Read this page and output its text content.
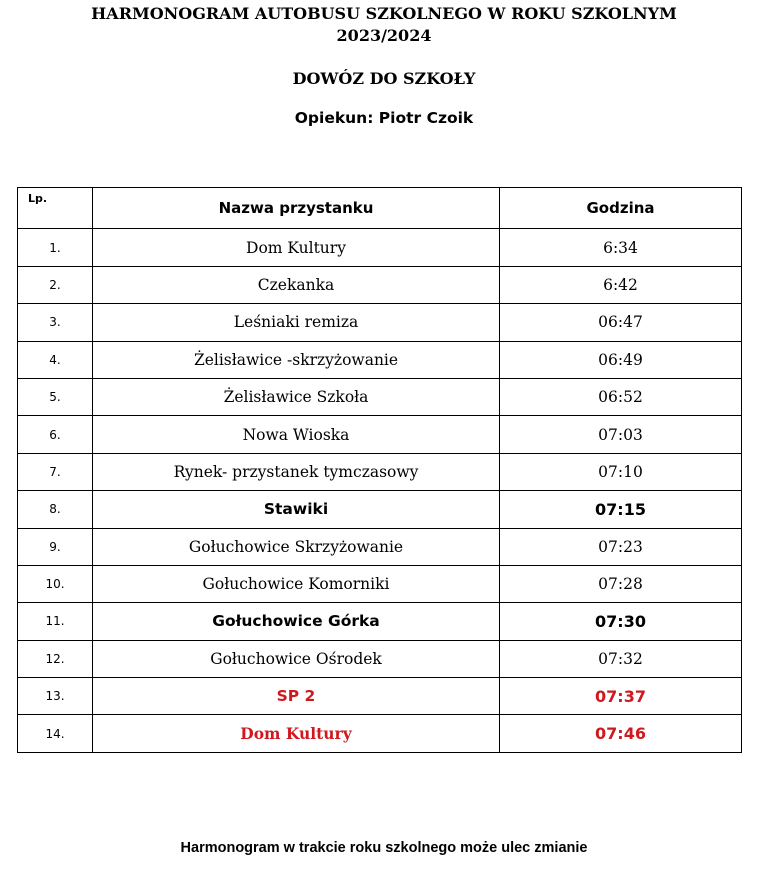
HARMONOGRAM AUTOBUSU SZKOLNEGO W ROKU SZKOLNYM
2023/2024
DOWÓZ DO SZKOŁY
Opiekun: Piotr Czoik
Lp.	Nazwa przystanku	Godzina
1.	Dom Kultury	6:34
2.	Czekanka	6:42
3.	Leśniaki remiza	06:47
4.	Żelisławice -skrzyżowanie	06:49
5.	Żelisławice Szkoła	06:52
6.	Nowa Wioska	07:03
7.	Rynek- przystanek tymczasowy	07:10
8.	Stawiki	07:15
9.	Gołuchowice Skrzyżowanie	07:23
10.	Gołuchowice Komorniki	07:28
11.	Gołuchowice Górka	07:30
12.	Gołuchowice Ośrodek	07:32
13.	SP 2	07:37
14.	Dom Kultury	07:46
Harmonogram w trakcie roku szkolnego może ulec zmianie
